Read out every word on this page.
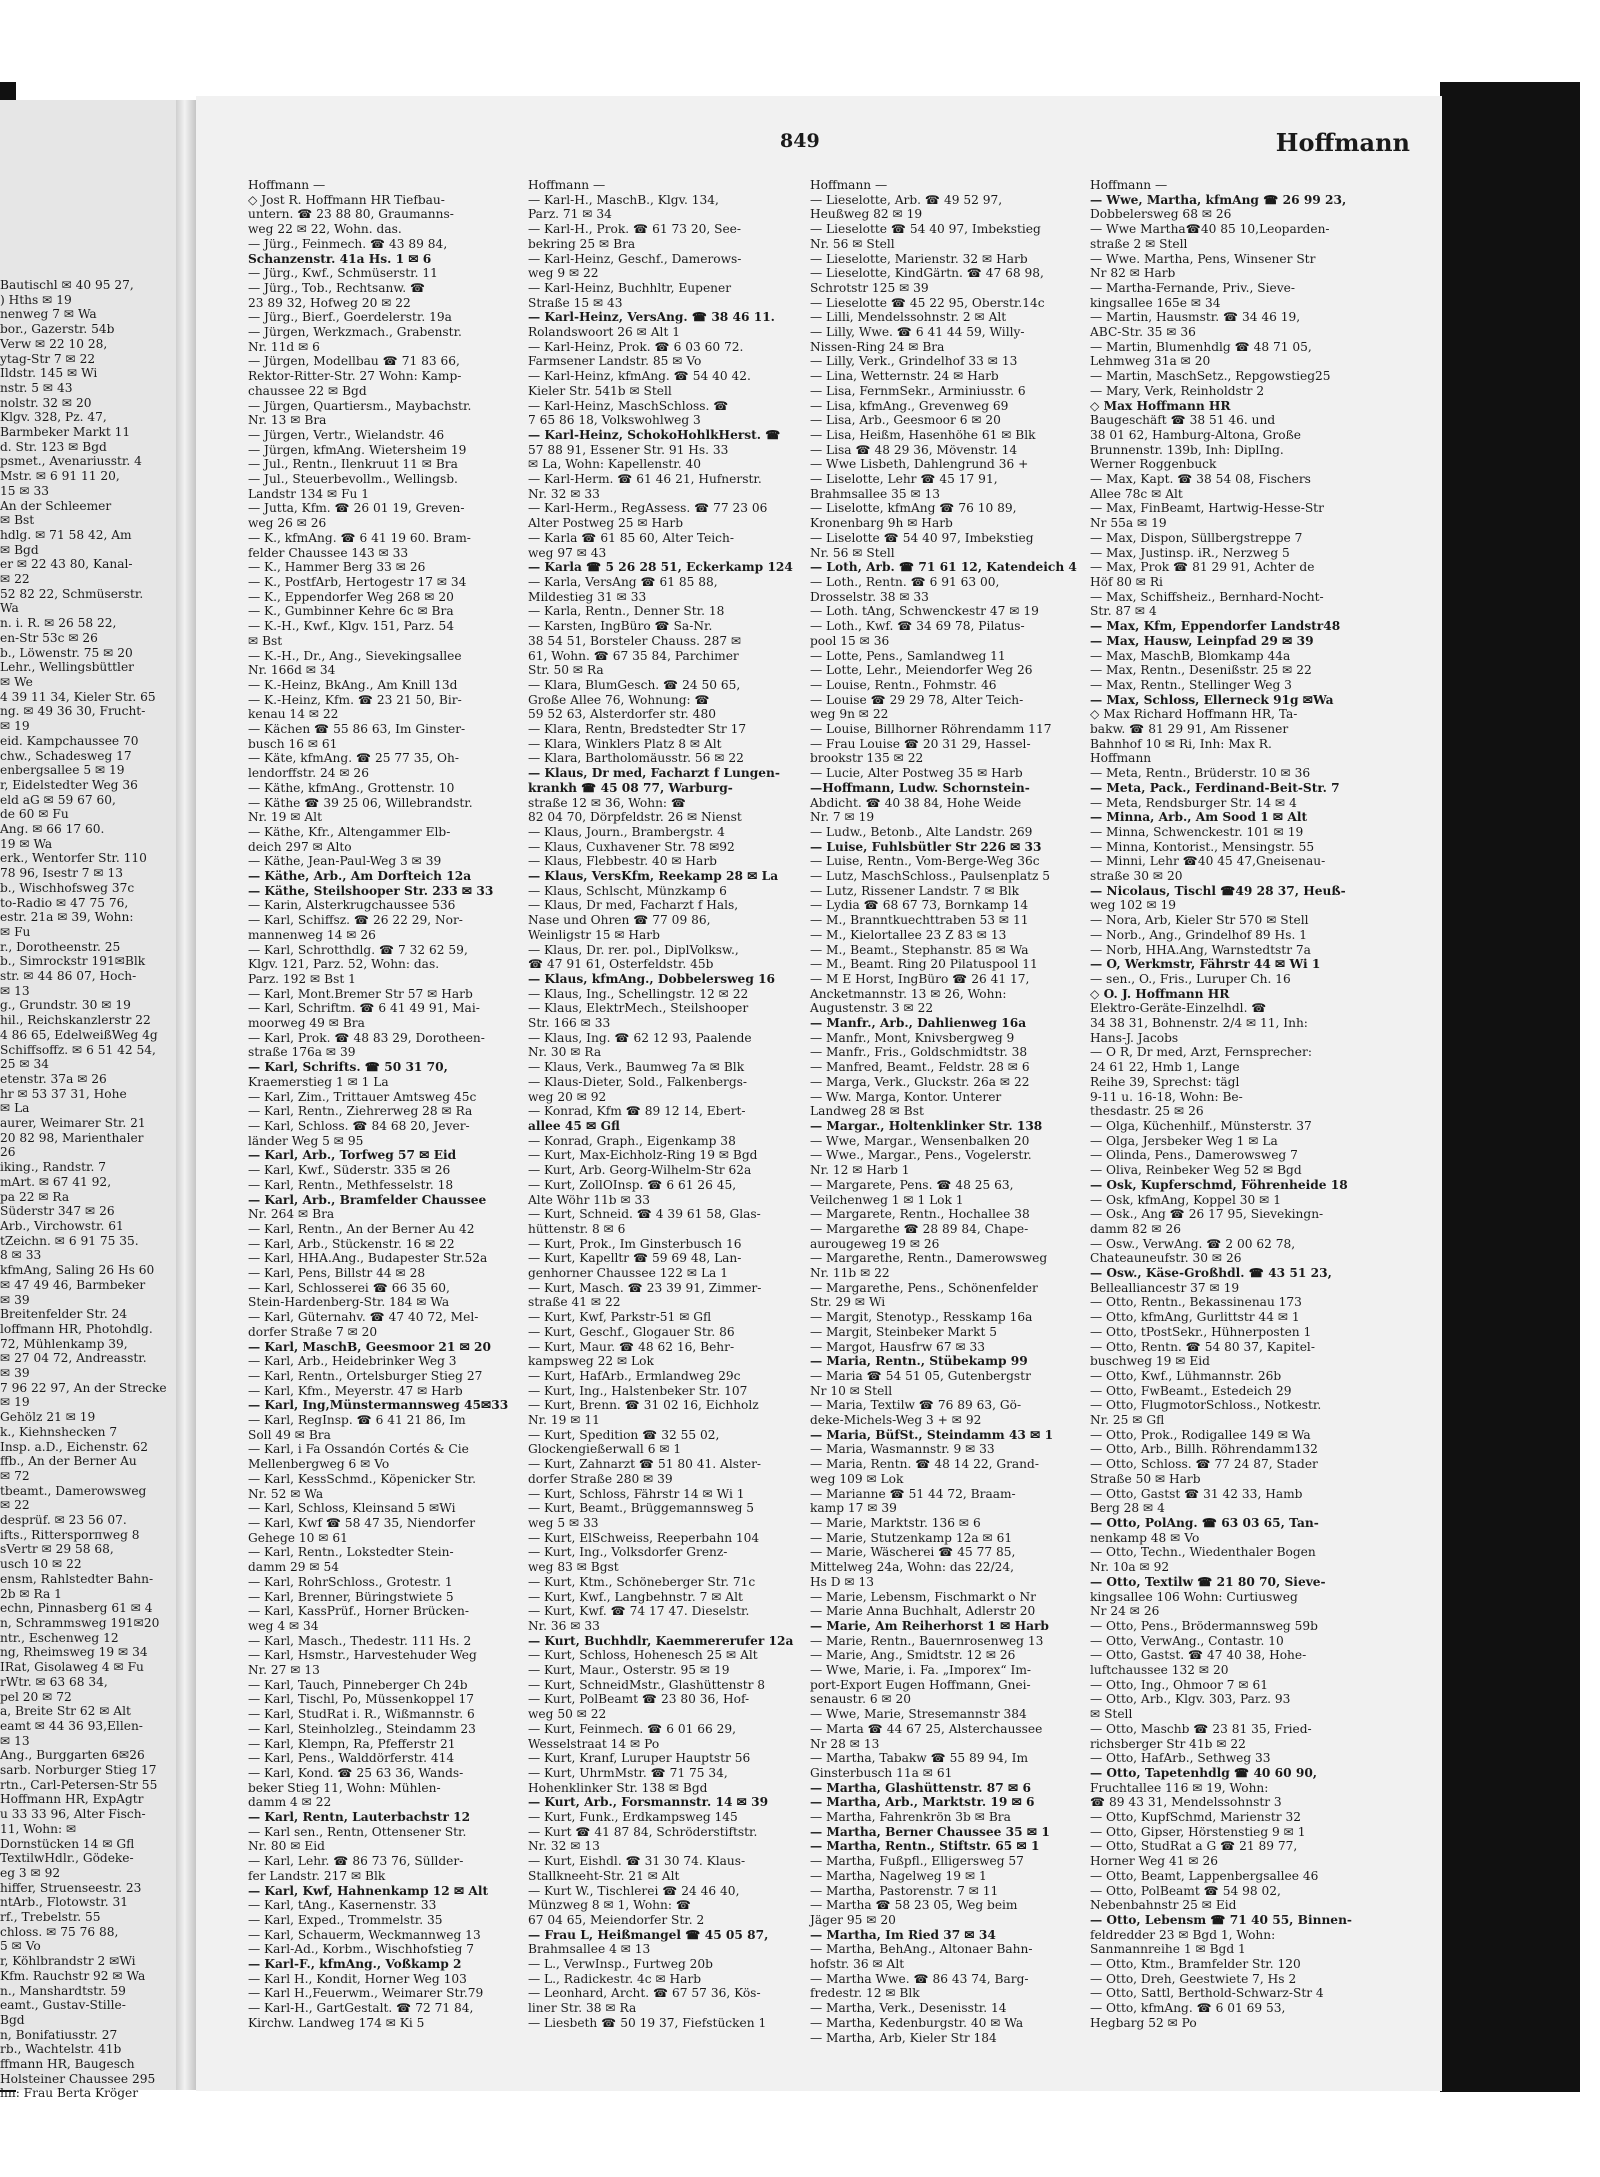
Bautischl ✉ 40 95 27,
) Hths ✉ 19
nenweg 7 ✉ Wa
bor., Gazerstr. 54b
Verw ✉ 22 10 28,
ytag-Str 7 ✉ 22
Ildstr. 145 ✉ Wi
nstr. 5 ✉ 43
nolstr. 32 ✉ 20
Klgv. 328, Pz. 47,
Barmbeker Markt 11
d. Str. 123 ✉ Bgd
psmet., Avenariusstr. 4
Mstr. ✉ 6 91 11 20,
15 ✉ 33
An der Schleemer
✉ Bst
hdlg. ✉ 71 58 42, Am
✉ Bgd
er ✉ 22 43 80, Kanal-
✉ 22
52 82 22, Schmüserstr.
Wa
n. i. R. ✉ 26 58 22,
en-Str 53c ✉ 26
b., Löwenstr. 75 ✉ 20
Lehr., Wellingsbüttler
✉ We
4 39 11 34, Kieler Str. 65
ng. ✉ 49 36 30, Frucht-
✉ 19
eid. Kampchaussee 70
chw., Schadesweg 17
enbergsallee 5 ✉ 19
r, Eidelstedter Weg 36
eld aG ✉ 59 67 60,
de 60 ✉ Fu
Ang. ✉ 66 17 60.
19 ✉ Wa
erk., Wentorfer Str. 110
78 96, Isestr 7 ✉ 13
b., Wischhofsweg 37c
to-Radio ✉ 47 75 76,
estr. 21a ✉ 39, Wohn:
✉ Fu
r., Dorotheenstr. 25
b., Simrockstr 191✉Blk
str. ✉ 44 86 07, Hoch-
✉ 13
g., Grundstr. 30 ✉ 19
hil., Reichskanzlerstr 22
4 86 65, EdelweißWeg 4g
Schiffsoffz. ✉ 6 51 42 54,
25 ✉ 34
etenstr. 37a ✉ 26
hr ✉ 53 37 31, Hohe
✉ La
aurer, Weimarer Str. 21
20 82 98, Marienthaler
26
iking., Randstr. 7
mArt. ✉ 67 41 92,
pa 22 ✉ Ra
Süderstr 347 ✉ 26
Arb., Virchowstr. 61
tZeichn. ✉ 6 91 75 35.
8 ✉ 33
kfmAng, Saling 26 Hs 60
✉ 47 49 46, Barmbeker
✉ 39
Breitenfelder Str. 24
loffmann HR, Photohdlg.
72, Mühlenkamp 39,
✉ 27 04 72, Andreasstr.
✉ 39
7 96 22 97, An der Strecke
✉ 19
Gehölz 21 ✉ 19
k., Kiehnshecken 7
Insp. a.D., Eichenstr. 62
ffb., An der Berner Au
✉ 72
tbeamt., Damerowsweg
✉ 22
desprüf. ✉ 23 56 07.
ifts., Rittersporпweg 8
sVertr ✉ 29 58 68,
usch 10 ✉ 22
ensm, Rahlstedter Bahn-
2b ✉ Ra 1
echn, Pinnasberg 61 ✉ 4
n, Schrammsweg 191✉20
ntr., Eschenweg 12
ng, Rheimsweg 19 ✉ 34
IRat, Gisolaweg 4 ✉ Fu
rWtr. ✉ 63 68 34,
pel 20 ✉ 72
a, Breite Str 62 ✉ Alt
eamt ✉ 44 36 93,Ellen-
✉ 13
Ang., Burggarten 6✉26
sarb. Norburger Stieg 17
rtn., Carl-Petersen-Str 55
Hoffmann HR, ExpAgtr
u 33 33 96, Alter Fisch-
11, Wohn: ✉
Dornstücken 14 ✉ Gfl
TextilwHdlr., Gödeke-
eg 3 ✉ 92
hiffer, Struenseestr. 23
ntArb., Flotowstr. 31
rf., Trebelstr. 55
chloss. ✉ 75 76 88,
5 ✉ Vo
r, Köhlbrandstr 2 ✉Wi
Kfm. Rauchstr 92 ✉ Wa
n., Manshardtstr. 59
eamt., Gustav-Stille-
Bgd
n, Bonifatiusstr. 27
rb., Wachtelstr. 41b
ffmann HR, Baugesch
Holsteiner Chaussee 295
hn: Frau Berta Kröger
849	Hoffmann
Hoffmann —
◇ Jost R. Hoffmann HR Tiefbau-
untern. ☎ 23 88 80, Graumanns-
weg 22 ✉ 22, Wohn. das.
— Jürg., Feinmech. ☎ 43 89 84,
Schanzenstr. 41a Hs. 1 ✉ 6
— Jürg., Kwf., Schmüserstr. 11
— Jürg., Tob., Rechtsanw. ☎
23 89 32, Hofweg 20 ✉ 22
— Jürg., Bierf., Goerdelerstr. 19a
— Jürgen, Werkzmach., Grabenstr.
Nr. 11d ✉ 6
— Jürgen, Modellbau ☎ 71 83 66,
Rektor-Ritter-Str. 27 Wohn: Kamp-
chaussee 22 ✉ Bgd
— Jürgen, Quartiersm., Maybachstr.
Nr. 13 ✉ Bra
— Jürgen, Vertr., Wielandstr. 46
— Jürgen, kfmAng. Wietersheim 19
— Jul., Rentn., Ilenkruut 11 ✉ Bra
— Jul., Steuerbevollm., Wellingsb.
Landstr 134 ✉ Fu 1
— Jutta, Kfm. ☎ 26 01 19, Greven-
weg 26 ✉ 26
— K., kfmAng. ☎ 6 41 19 60. Bram-
felder Chaussee 143 ✉ 33
— K., Hammer Berg 33 ✉ 26
— K., PostfArb, Hertogestr 17 ✉ 34
— K., Eppendorfer Weg 268 ✉ 20
— K., Gumbinner Kehre 6c ✉ Bra
— K.-H., Kwf., Klgv. 151, Parz. 54
✉ Bst
— K.-H., Dr., Ang., Sievekingsallee
Nr. 166d ✉ 34
— K.-Heinz, BkAng., Am Knill 13d
— K.-Heinz, Kfm. ☎ 23 21 50, Bir-
kenau 14 ✉ 22
— Kächen ☎ 55 86 63, Im Ginster-
busch 16 ✉ 61
— Käte, kfmAng. ☎ 25 77 35, Oh-
lendorffstr. 24 ✉ 26
— Käthe, kfmAng., Grottenstr. 10
— Käthe ☎ 39 25 06, Willebrandstr.
Nr. 19 ✉ Alt
— Käthe, Kfr., Altengammer Elb-
deich 297 ✉ Alto
— Käthe, Jean-Paul-Weg 3 ✉ 39
— Käthe, Arb., Am Dorfteich 12a
— Käthe, Steilshooper Str. 233 ✉ 33
— Karin, Alsterkrugchaussee 536
— Karl, Schiffsz. ☎ 26 22 29, Nor-
mannenweg 14 ✉ 26
— Karl, Schrotthdlg. ☎ 7 32 62 59,
Klgv. 121, Parz. 52, Wohn: das.
Parz. 192 ✉ Bst 1
— Karl, Mont.Bremer Str 57 ✉ Harb
— Karl, Schriftm. ☎ 6 41 49 91, Mai-
moorweg 49 ✉ Bra
— Karl, Prok. ☎ 48 83 29, Dorotheen-
straße 176a ✉ 39
— Karl, Schrifts. ☎ 50 31 70,
Kraemerstieg 1 ✉ 1 La
— Karl, Zim., Trittauer Amtsweg 45c
— Karl, Rentn., Ziehrerweg 28 ✉ Ra
— Karl, Schloss. ☎ 84 68 20, Jever-
länder Weg 5 ✉ 95
— Karl, Arb., Torfweg 57 ✉ Eid
— Karl, Kwf., Süderstr. 335 ✉ 26
— Karl, Rentn., Methfesselstr. 18
— Karl, Arb., Bramfelder Chaussee
Nr. 264 ✉ Bra
— Karl, Rentn., An der Berner Au 42
— Karl, Arb., Stückenstr. 16 ✉ 22
— Karl, HHA.Ang., Budapester Str.52a
— Karl, Pens, Billstr 44 ✉ 28
— Karl, Schlosserei ☎ 66 35 60,
Stein-Hardenberg-Str. 184 ✉ Wa
— Karl, Güternahv. ☎ 47 40 72, Mel-
dorfer Straße 7 ✉ 20
— Karl, MaschB, Geesmoor 21 ✉ 20
— Karl, Arb., Heidebrinker Weg 3
— Karl, Rentn., Ortelsburger Stieg 27
— Karl, Kfm., Meyerstr. 47 ✉ Harb
— Karl, Ing,Münstermannsweg 45✉33
— Karl, RegInsp. ☎ 6 41 21 86, Im
Soll 49 ✉ Bra
— Karl, i Fa Ossandón Cortés & Cie
Mellenbergweg 6 ✉ Vo
— Karl, KessSchmd., Köpenicker Str.
Nr. 52 ✉ Wa
— Karl, Schloss, Kleinsand 5 ✉Wi
— Karl, Kwf ☎ 58 47 35, Niendorfer
Gehege 10 ✉ 61
— Karl, Rentn., Lokstedter Stein-
damm 29 ✉ 54
— Karl, RohrSchloss., Grotestr. 1
— Karl, Brenner, Büringstwiete 5
— Karl, KassPrüf., Horner Brücken-
weg 4 ✉ 34
— Karl, Masch., Thedestr. 111 Hs. 2
— Karl, Hsmstr., Harvestehuder Weg
Nr. 27 ✉ 13
— Karl, Tauch, Pinneberger Ch 24b
— Karl, Tischl, Po, Müssenkoppel 17
— Karl, StudRat i. R., Wißmannstr. 6
— Karl, Steinholzleg., Steindamm 23
— Karl, Klempn, Ra, Pfefferstr 21
— Karl, Pens., Walddörferstr. 414
— Karl, Kond. ☎ 25 63 36, Wands-
beker Stieg 11, Wohn: Mühlen-
damm 4 ✉ 22
— Karl, Rentn, Lauterbachstr 12
— Karl sen., Rentn, Ottensener Str.
Nr. 80 ✉ Eid
— Karl, Lehr. ☎ 86 73 76, Süllder-
fer Landstr. 217 ✉ Blk
— Karl, Kwf, Hahnenkamp 12 ✉ Alt
— Karl, tAng., Kasernenstr. 33
— Karl, Exped., Trommelstr. 35
— Karl, Schauerm, Weckmannweg 13
— Karl-Ad., Korbm., Wischhofstieg 7
— Karl-F., kfmAng., Voßkamp 2
— Karl H., Kondit, Horner Weg 103
— Karl H.,Feuerwm., Weimarer Str.79
— Karl-H., GartGestalt. ☎ 72 71 84,
Kirchw. Landweg 174 ✉ Ki 5
Hoffmann —
— Karl-H., MaschB., Klgv. 134,
Parz. 71 ✉ 34
— Karl-H., Prok. ☎ 61 73 20, See-
bekring 25 ✉ Bra
— Karl-Heinz, Geschf., Damerows-
weg 9 ✉ 22
— Karl-Heinz, Buchhltr, Eupener
Straße 15 ✉ 43
— Karl-Heinz, VersAng. ☎ 38 46 11.
Rolandswoort 26 ✉ Alt 1
— Karl-Heinz, Prok. ☎ 6 03 60 72.
Farmsener Landstr. 85 ✉ Vo
— Karl-Heinz, kfmAng. ☎ 54 40 42.
Kieler Str. 541b ✉ Stell
— Karl-Heinz, MaschSchloss. ☎
7 65 86 18, Volkswohlweg 3
— Karl-Heinz, SchokoHohlkHerst. ☎
57 88 91, Essener Str. 91 Hs. 33
✉ La, Wohn: Kapellenstr. 40
— Karl-Herm. ☎ 61 46 21, Hufnerstr.
Nr. 32 ✉ 33
— Karl-Herm., RegAssess. ☎ 77 23 06
Alter Postweg 25 ✉ Harb
— Karla ☎ 61 85 60, Alter Teich-
weg 97 ✉ 43
— Karla ☎ 5 26 28 51, Eckerkamp 124
— Karla, VersAng ☎ 61 85 88,
Mildestieg 31 ✉ 33
— Karla, Rentn., Denner Str. 18
— Karsten, IngBüro ☎ Sa-Nr.
38 54 51, Borsteler Chauss. 287 ✉
61, Wohn. ☎ 67 35 84, Parchimer
Str. 50 ✉ Ra
— Klara, BlumGesch. ☎ 24 50 65,
Große Allee 76, Wohnung: ☎
59 52 63, Alsterdorfer str. 480
— Klara, Rentn, Bredstedter Str 17
— Klara, Winklers Platz 8 ✉ Alt
— Klara, Bartholomäusstr. 56 ✉ 22
— Klaus, Dr med, Facharzt f Lungen-
krankh ☎ 45 08 77, Warburg-
straße 12 ✉ 36, Wohn: ☎
82 04 70, Dörpfeldstr. 26 ✉ Nienst
— Klaus, Journ., Brambergstr. 4
— Klaus, Cuxhavener Str. 78 ✉92
— Klaus, Flebbestr. 40 ✉ Harb
— Klaus, VersKfm, Reekamp 28 ✉ La
— Klaus, Schlscht, Münzkamp 6
— Klaus, Dr med, Facharzt f Hals,
Nase und Ohren ☎ 77 09 86,
Weinligstr 15 ✉ Harb
— Klaus, Dr. rer. pol., DiplVolksw.,
☎ 47 91 61, Osterfeldstr. 45b
— Klaus, kfmAng., Dobbelersweg 16
— Klaus, Ing., Schellingstr. 12 ✉ 22
— Klaus, ElektrMech., Steilshooper
Str. 166 ✉ 33
— Klaus, Ing. ☎ 62 12 93, Paalende
Nr. 30 ✉ Ra
— Klaus, Verk., Baumweg 7a ✉ Blk
— Klaus-Dieter, Sold., Falkenbergs-
weg 20 ✉ 92
— Konrad, Kfm ☎ 89 12 14, Ebert-
allee 45 ✉ Gfl
— Konrad, Graph., Eigenkamp 38
— Kurt, Max-Eichholz-Ring 19 ✉ Bgd
— Kurt, Arb. Georg-Wilhelm-Str 62a
— Kurt, ZollOInsp. ☎ 6 61 26 45,
Alte Wöhr 11b ✉ 33
— Kurt, Schneid. ☎ 4 39 61 58, Glas-
hüttenstr. 8 ✉ 6
— Kurt, Prok., Im Ginsterbusch 16
— Kurt, Kapelltr ☎ 59 69 48, Lan-
genhorner Chaussee 122 ✉ La 1
— Kurt, Masch. ☎ 23 39 91, Zimmer-
straße 41 ✉ 22
— Kurt, Kwf, Parkstr-51 ✉ Gfl
— Kurt, Geschf., Glogauer Str. 86
— Kurt, Maur. ☎ 48 62 16, Behr-
kampsweg 22 ✉ Lok
— Kurt, HafArb., Ermlandweg 29c
— Kurt, Ing., Halstenbeker Str. 107
— Kurt, Brenn. ☎ 31 02 16, Eichholz
Nr. 19 ✉ 11
— Kurt, Spedition ☎ 32 55 02,
Glockengießerwall 6 ✉ 1
— Kurt, Zahnarzt ☎ 51 80 41. Alster-
dorfer Straße 280 ✉ 39
— Kurt, Schloss, Fährstr 14 ✉ Wi 1
— Kurt, Beamt., Brüggemannsweg 5
weg 5 ✉ 33
— Kurt, ElSchweiss, Reeperbahn 104
— Kurt, Ing., Volksdorfer Grenz-
weg 83 ✉ Bgst
— Kurt, Ktm., Schöneberger Str. 71c
— Kurt, Kwf., Langbehnstr. 7 ✉ Alt
— Kurt, Kwf. ☎ 74 17 47. Dieselstr.
Nr. 36 ✉ 33
— Kurt, Buchhdlr, Kaemmererufer 12a
— Kurt, Schloss, Hohenesch 25 ✉ Alt
— Kurt, Maur., Osterstr. 95 ✉ 19
— Kurt, SchneidMstr., Glashüttenstr 8
— Kurt, PolBeamt ☎ 23 80 36, Hof-
weg 50 ✉ 22
— Kurt, Feinmech. ☎ 6 01 66 29,
Wesselstraat 14 ✉ Po
— Kurt, Kranf, Luruper Hauptstr 56
— Kurt, UhrmMstr. ☎ 71 75 34,
Hohenklinker Str. 138 ✉ Bgd
— Kurt, Arb., Forsmannstr. 14 ✉ 39
— Kurt, Funk., Erdkampsweg 145
— Kurt ☎ 41 87 84, Schröderstiftstr.
Nr. 32 ✉ 13
— Kurt, Eishdl. ☎ 31 30 74. Klaus-
Stallkneeht-Str. 21 ✉ Alt
— Kurt W., Tischlerei ☎ 24 46 40,
Münzweg 8 ✉ 1, Wohn: ☎
67 04 65, Meiendorfer Str. 2
— Frau L, Heißmangel ☎ 45 05 87,
Brahmsallee 4 ✉ 13
— L., VerwInsp., Furtweg 20b
— L., Radickestr. 4c ✉ Harb
— Leonhard, Archt. ☎ 67 57 36, Kös-
liner Str. 38 ✉ Ra
— Liesbeth ☎ 50 19 37, Fiefstücken 1
Hoffmann —
— Lieselotte, Arb. ☎ 49 52 97,
Heußweg 82 ✉ 19
— Lieselotte ☎ 54 40 97, Imbekstieg
Nr. 56 ✉ Stell
— Lieselotte, Marienstr. 32 ✉ Harb
— Lieselotte, KindGärtn. ☎ 47 68 98,
Schrotstr 125 ✉ 39
— Lieselotte ☎ 45 22 95, Oberstr.14c
— Lilli, Mendelssohnstr. 2 ✉ Alt
— Lilly, Wwe. ☎ 6 41 44 59, Willy-
Nissen-Ring 24 ✉ Bra
— Lilly, Verk., Grindelhof 33 ✉ 13
— Lina, Wetternstr. 24 ✉ Harb
— Lisa, FernmSekr., Arminiusstr. 6
— Lisa, kfmAng., Grevenweg 69
— Lisa, Arb., Geesmoor 6 ✉ 20
— Lisa, Heißm, Hasenhöhe 61 ✉ Blk
— Lisa ☎ 48 29 36, Mövenstr. 14
— Wwe Lisbeth, Dahlengrund 36 +
— Liselotte, Lehr ☎ 45 17 91,
Brahmsallee 35 ✉ 13
— Liselotte, kfmAng ☎ 76 10 89,
Kronenbarg 9h ✉ Harb
— Liselotte ☎ 54 40 97, Imbekstieg
Nr. 56 ✉ Stell
— Loth, Arb. ☎ 71 61 12, Katendeich 4
— Loth., Rentn. ☎ 6 91 63 00,
Drosselstr. 38 ✉ 33
— Loth. tAng, Schwenckestr 47 ✉ 19
— Loth., Kwf. ☎ 34 69 78, Pilatus-
pool 15 ✉ 36
— Lotte, Pens., Samlandweg 11
— Lotte, Lehr., Meiendorfer Weg 26
— Louise, Rentn., Fohmstr. 46
— Louise ☎ 29 29 78, Alter Teich-
weg 9n ✉ 22
— Louise, Billhorner Röhrendamm 117
— Frau Louise ☎ 20 31 29, Hassel-
brookstr 135 ✉ 22
— Lucie, Alter Postweg 35 ✉ Harb
—Hoffmann, Ludw. Schornstein-
Abdicht. ☎ 40 38 84, Hohe Weide
Nr. 7 ✉ 19
— Ludw., Betonb., Alte Landstr. 269
— Luise, Fuhlsbütler Str 226 ✉ 33
— Luise, Rentn., Vom-Berge-Weg 36c
— Lutz, MaschSchloss., Paulsenplatz 5
— Lutz, Rissener Landstr. 7 ✉ Blk
— Lydia ☎ 68 67 73, Bornkamp 14
— M., Branntkuechttraben 53 ✉ 11
— M., Kielortallee 23 Z 83 ✉ 13
— M., Beamt., Stephanstr. 85 ✉ Wa
— M., Beamt. Ring 20 Pilatuspool 11
— M E Horst, IngBüro ☎ 26 41 17,
Ancketmannstr. 13 ✉ 26, Wohn:
Augustenstr. 3 ✉ 22
— Manfr., Arb., Dahlienweg 16a
— Manfr., Mont, Knivsbergweg 9
— Manfr., Fris., Goldschmidtstr. 38
— Manfred, Beamt., Feldstr. 28 ✉ 6
— Marga, Verk., Gluckstr. 26a ✉ 22
— Ww. Marga, Kontor. Unterer
Landweg 28 ✉ Bst
— Margar., Holtenklinker Str. 138
— Wwe, Margar., Wensenbalken 20
— Wwe., Margar., Pens., Vogelerstr.
Nr. 12 ✉ Harb 1
— Margarete, Pens. ☎ 48 25 63,
Veilchenweg 1 ✉ 1 Lok 1
— Margarete, Rentn., Hochallee 38
— Margarethe ☎ 28 89 84, Chape-
aurougeweg 19 ✉ 26
— Margarethe, Rentn., Damerowsweg
Nr. 11b ✉ 22
— Margarethe, Pens., Schönenfelder
Str. 29 ✉ Wi
— Margit, Stenotyp., Resskamp 16a
— Margit, Steinbeker Markt 5
— Margot, Hausfrw 67 ✉ 33
— Maria, Rentn., Stübekamp 99
— Maria ☎ 54 51 05, Gutenbergstr
Nr 10 ✉ Stell
— Maria, Textilw ☎ 76 89 63, Gö-
deke-Michels-Weg 3 + ✉ 92
— Maria, BüfSt., Steindamm 43 ✉ 1
— Maria, Wasmannstr. 9 ✉ 33
— Maria, Rentn. ☎ 48 14 22, Grand-
weg 109 ✉ Lok
— Marianne ☎ 51 44 72, Braam-
kamp 17 ✉ 39
— Marie, Marktstr. 136 ✉ 6
— Marie, Stutzenkamp 12a ✉ 61
— Marie, Wäscherei ☎ 45 77 85,
Mittelweg 24a, Wohn: das 22/24,
Hs D ✉ 13
— Marie, Lebensm, Fischmarkt o Nr
— Marie Anna Buchhalt, Adlerstr 20
— Marie, Am Reiherhorst 1 ✉ Harb
— Marie, Rentn., Bauernrosenweg 13
— Marie, Ang., Smidtstr. 12 ✉ 26
— Wwe, Marie, i. Fa. „Imporex“ Im-
port-Export Eugen Hoffmann, Gnei-
senaustr. 6 ✉ 20
— Wwe, Marie, Stresemannstr 384
— Marta ☎ 44 67 25, Alsterchaussee
Nr 28 ✉ 13
— Martha, Tabakw ☎ 55 89 94, Im
Ginsterbusch 11a ✉ 61
— Martha, Glashüttenstr. 87 ✉ 6
— Martha, Arb., Marktstr. 19 ✉ 6
— Martha, Fahrenkrön 3b ✉ Bra
— Martha, Berner Chaussee 35 ✉ 1
— Martha, Rentn., Stiftstr. 65 ✉ 1
— Martha, Fußpfl., Elligersweg 57
— Martha, Nagelweg 19 ✉ 1
— Martha, Pastorenstr. 7 ✉ 11
— Martha ☎ 58 23 05, Weg beim
Jäger 95 ✉ 20
— Martha, Im Ried 37 ✉ 34
— Martha, BehAng., Altonaer Bahn-
hofstr. 36 ✉ Alt
— Martha Wwe. ☎ 86 43 74, Barg-
fredestr. 12 ✉ Blk
— Martha, Verk., Desenisstr. 14
— Martha, Kedenburgstr. 40 ✉ Wa
— Martha, Arb, Kieler Str 184
Hoffmann —
— Wwe, Martha, kfmAng ☎ 26 99 23,
Dobbelersweg 68 ✉ 26
— Wwe Martha☎40 85 10,Leoparden-
straße 2 ✉ Stell
— Wwe. Martha, Pens, Winsener Str
Nr 82 ✉ Harb
— Martha-Fernande, Priv., Sieve-
kingsallee 165e ✉ 34
— Martin, Hausmstr. ☎ 34 46 19,
ABC-Str. 35 ✉ 36
— Martin, Blumenhdlg ☎ 48 71 05,
Lehmweg 31a ✉ 20
— Martin, MaschSetz., Repgowstieg25
— Mary, Verk, Reinholdstr 2
◇ Max Hoffmann HR
Baugeschäft ☎ 38 51 46. und
38 01 62, Hamburg-Altona, Große
Brunnenstr. 139b, Inh: DiplIng.
Werner Roggenbuck
— Max, Kapt. ☎ 38 54 08, Fischers
Allee 78c ✉ Alt
— Max, FinBeamt, Hartwig-Hesse-Str
Nr 55a ✉ 19
— Max, Dispon, Süllbergstreppe 7
— Max, Justinsp. iR., Nerzweg 5
— Max, Prok ☎ 81 29 91, Achter de
Höf 80 ✉ Ri
— Max, Schiffsheiz., Bernhard-Nocht-
Str. 87 ✉ 4
— Max, Kfm, Eppendorfer Landstr48
— Max, Hausw, Leinpfad 29 ✉ 39
— Max, MaschB, Blomkamp 44a
— Max, Rentn., Desenißstr. 25 ✉ 22
— Max, Rentn., Stellinger Weg 3
— Max, Schloss, Ellerneck 91g ✉Wa
◇ Max Richard Hoffmann HR, Ta-
bakw. ☎ 81 29 91, Am Rissener
Bahnhof 10 ✉ Ri, Inh: Max R.
Hoffmann
— Meta, Rentn., Brüderstr. 10 ✉ 36
— Meta, Pack., Ferdinand-Beit-Str. 7
— Meta, Rendsburger Str. 14 ✉ 4
— Minna, Arb., Am Sood 1 ✉ Alt
— Minna, Schwenckestr. 101 ✉ 19
— Minna, Kontorist., Mensingstr. 55
— Minni, Lehr ☎40 45 47,Gneisenau-
straße 30 ✉ 20
— Nicolaus, Tischl ☎49 28 37, Heuß-
weg 102 ✉ 19
— Nora, Arb, Kieler Str 570 ✉ Stell
— Norb., Ang., Grindelhof 89 Hs. 1
— Norb, HHA.Ang, Warnstedtstr 7a
— O, Werkmstr, Fährstr 44 ✉ Wi 1
— sen., O., Fris., Luruper Ch. 16
◇ O. J. Hoffmann HR
Elektro-Geräte-Einzelhdl. ☎
34 38 31, Bohnenstr. 2/4 ✉ 11, Inh:
Hans-J. Jacobs
— O R, Dr med, Arzt, Fernsprecher:
24 61 22, Hmb 1, Lange
Reihe 39, Sprechst: tägl
9-11 u. 16-18, Wohn: Be-
thesdastr. 25 ✉ 26
— Olga, Küchenhilf., Münsterstr. 37
— Olga, Jersbeker Weg 1 ✉ La
— Olinda, Pens., Damerowsweg 7
— Oliva, Reinbeker Weg 52 ✉ Bgd
— Osk, Kupferschmd, Föhrenheide 18
— Osk, kfmAng, Koppel 30 ✉ 1
— Osk., Ang ☎ 26 17 95, Sievekingn-
damm 82 ✉ 26
— Osw., VerwAng. ☎ 2 00 62 78,
Chateauneufstr. 30 ✉ 26
— Osw., Käse-Großhdl. ☎ 43 51 23,
Belleallianсestr 37 ✉ 19
— Otto, Rentn., Bekassinenau 173
— Otto, kfmAng, Gurlittstr 44 ✉ 1
— Otto, tPostSekr., Hühnerposten 1
— Otto, Rentn. ☎ 54 80 37, Kapitel-
buschweg 19 ✉ Eid
— Otto, Kwf., Lühmannstr. 26b
— Otto, FwBeamt., Estedeich 29
— Otto, FlugmotorSchloss., Notkestr.
Nr. 25 ✉ Gfl
— Otto, Prok., Rodigallee 149 ✉ Wa
— Otto, Arb., Billh. Röhrendamm132
— Otto, Schloss. ☎ 77 24 87, Stader
Straße 50 ✉ Harb
— Otto, Gastst ☎ 31 42 33, Hamb
Berg 28 ✉ 4
— Otto, PolAng. ☎ 63 03 65, Tan-
nenkamp 48 ✉ Vo
— Otto, Techn., Wiedenthaler Bogen
Nr. 10a ✉ 92
— Otto, Textilw ☎ 21 80 70, Sieve-
kingsallee 106 Wohn: Curtiusweg
Nr 24 ✉ 26
— Otto, Pens., Brödermannsweg 59b
— Otto, VerwAng., Contastr. 10
— Otto, Gastst. ☎ 47 40 38, Hohe-
luftchaussee 132 ✉ 20
— Otto, Ing., Ohmoor 7 ✉ 61
— Otto, Arb., Klgv. 303, Parz. 93
✉ Stell
— Otto, Maschb ☎ 23 81 35, Fried-
richsberger Str 41b ✉ 22
— Otto, HafArb., Sethweg 33
— Otto, Tapetenhdlg ☎ 40 60 90,
Fruchtallee 116 ✉ 19, Wohn:
☎ 89 43 31, Mendelssohnstr 3
— Otto, KupfSchmd, Marienstr 32
— Otto, Gipser, Hörstenstieg 9 ✉ 1
— Otto, StudRat a G ☎ 21 89 77,
Horner Weg 41 ✉ 26
— Otto, Beamt, Lappenbergsallee 46
— Otto, PolBeamt ☎ 54 98 02,
Nebenbahnstr 25 ✉ Eid
— Otto, Lebensm ☎ 71 40 55, Binnen-
feldredder 23 ✉ Bgd 1, Wohn:
Sanmannreihe 1 ✉ Bgd 1
— Otto, Ktm., Bramfelder Str. 120
— Otto, Dreh, Geestwiete 7, Hs 2
— Otto, Sattl, Berthold-Schwarz-Str 4
— Otto, kfmAng. ☎ 6 01 69 53,
Hegbarg 52 ✉ Po
